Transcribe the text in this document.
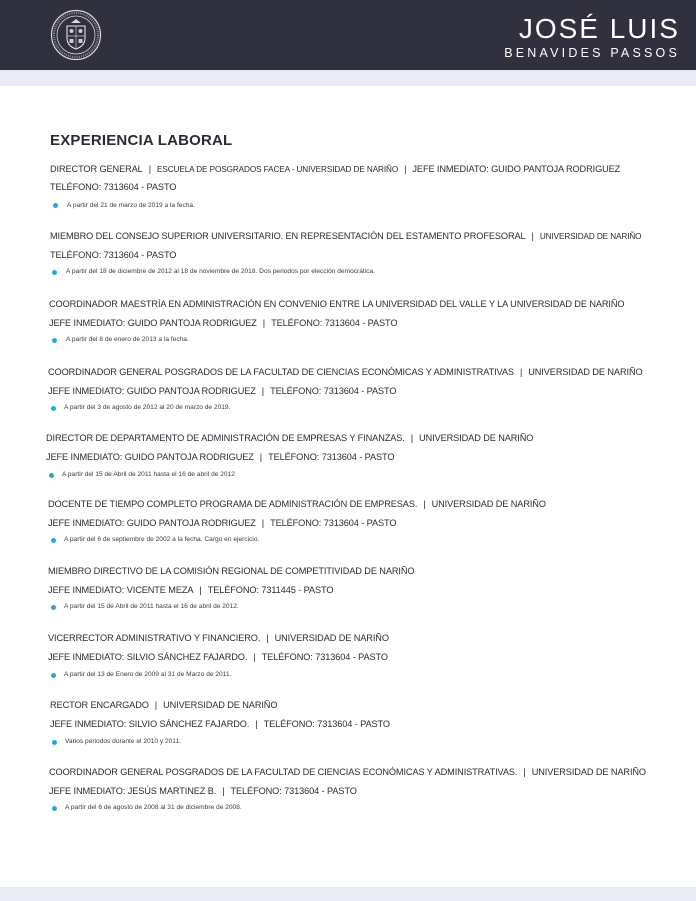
JOSÉ LUIS
BENAVIDES PASSOS
EXPERIENCIA LABORAL
DIRECTOR GENERAL | ESCUELA DE POSGRADOS FACEA - UNIVERSIDAD DE NARIÑO | JEFE INMEDIATO: GUIDO PANTOJA RODRIGUEZ
TELÉFONO: 7313604 - PASTO
A partir del 21 de marzo de 2019 a la fecha.
MIEMBRO DEL CONSEJO SUPERIOR UNIVERSITARIO. EN REPRESENTACIÓN DEL ESTAMENTO PROFESORAL | UNIVERSIDAD DE NARIÑO
TELÉFONO: 7313604 - PASTO
A partir del 18 de diciembre de 2012 al 18 de noviembre de 2018. Dos periodos por elección democrática.
COORDINADOR MAESTRÍA EN ADMINISTRACIÓN EN CONVENIO ENTRE LA UNIVERSIDAD DEL VALLE Y LA UNIVERSIDAD DE NARIÑO
JEFE INMEDIATO: GUIDO PANTOJA RODRIGUEZ | TELÉFONO: 7313604 - PASTO
A partir del 8 de enero de 2013 a la fecha.
COORDINADOR GENERAL POSGRADOS DE LA FACULTAD DE CIENCIAS ECONÓMICAS Y ADMINISTRATIVAS | UNIVERSIDAD DE NARIÑO
JEFE INMEDIATO: GUIDO PANTOJA RODRIGUEZ | TELÉFONO: 7313604 - PASTO
A partir del 3 de agosto de 2012 al 20 de marzo de 2019.
DIRECTOR DE DEPARTAMENTO DE ADMINISTRACIÓN DE EMPRESAS Y FINANZAS. | UNIVERSIDAD DE NARIÑO
JEFE INMEDIATO: GUIDO PANTOJA RODRIGUEZ | TELÉFONO: 7313604 - PASTO
A partir del 15 de Abril de 2011 hasta el 16 de abril de 2012
DOCENTE DE TIEMPO COMPLETO PROGRAMA DE ADMINISTRACIÓN DE EMPRESAS. | UNIVERSIDAD DE NARIÑO
JEFE INMEDIATO: GUIDO PANTOJA RODRIGUEZ | TELÉFONO: 7313604 - PASTO
A partir del 6 de septiembre de 2002 a la fecha. Cargo en ejercicio.
MIEMBRO DIRECTIVO DE LA COMISIÓN REGIONAL DE COMPETITIVIDAD DE NARIÑO
JEFE INMEDIATO: VICENTE MEZA | TELÉFONO: 7311445 - PASTO
A partir del 15 de Abril de 2011 hasta el 16 de abril de 2012.
VICERRECTOR ADMINISTRATIVO Y FINANCIERO. | UNIVERSIDAD DE NARIÑO
JEFE INMEDIATO: SILVIO SÁNCHEZ FAJARDO. | TELÉFONO: 7313604 - PASTO
A partir del 13 de Enero de 2009 al 31 de Marzo de 2011.
RECTOR ENCARGADO | UNIVERSIDAD DE NARIÑO
JEFE INMEDIATO: SILVIO SÁNCHEZ FAJARDO. | TELÉFONO: 7313604 - PASTO
Varios periodos durante el 2010 y 2011.
COORDINADOR GENERAL POSGRADOS DE LA FACULTAD DE CIENCIAS ECONÓMICAS Y ADMINISTRATIVAS. | UNIVERSIDAD DE NARIÑO
JEFE INMEDIATO: JESÚS MARTINEZ B. | TELÉFONO: 7313604 - PASTO
A partir del 6 de agosto de 2008 al 31 de diciembre de 2008.
